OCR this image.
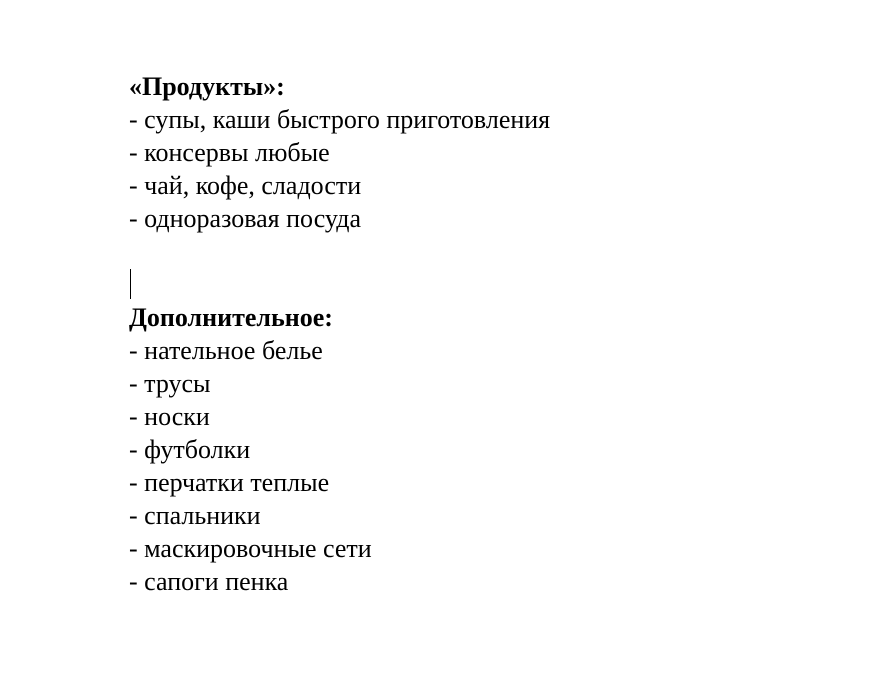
«Продукты»:
- супы, каши быстрого приготовления
- консервы любые
- чай, кофе, сладости
- одноразовая посуда
Дополнительное:
- нательное белье
- трусы
- носки
- футболки
- перчатки теплые
- спальники
- маскировочные сети
- сапоги пенка
